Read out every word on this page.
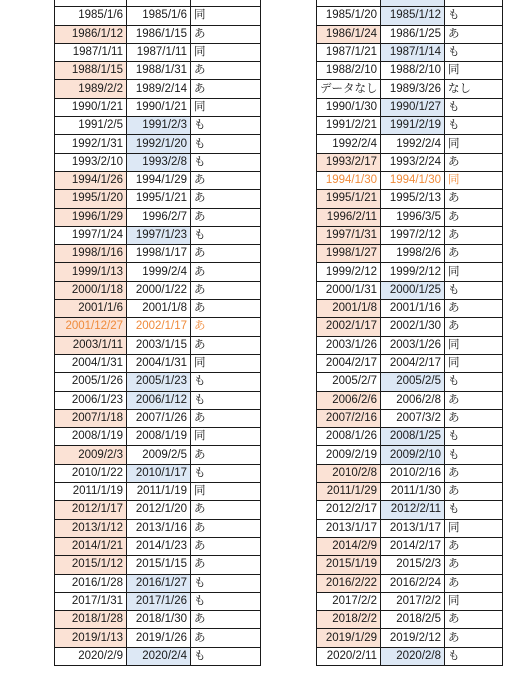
1985/1/6	1985/1/6	同
1986/1/12	1986/1/15	あ
1987/1/11	1987/1/11	同
1988/1/15	1988/1/31	あ
1989/2/2	1989/2/14	あ
1990/1/21	1990/1/21	同
1991/2/5	1991/2/3	も
1992/1/31	1992/1/20	も
1993/2/10	1993/2/8	も
1994/1/26	1994/1/29	あ
1995/1/20	1995/1/21	あ
1996/1/29	1996/2/7	あ
1997/1/24	1997/1/23	も
1998/1/16	1998/1/17	あ
1999/1/13	1999/2/4	あ
2000/1/18	2000/1/22	あ
2001/1/6	2001/1/8	あ
2001/12/27	2002/1/17	あ
2003/1/11	2003/1/15	あ
2004/1/31	2004/1/31	同
2005/1/26	2005/1/23	も
2006/1/23	2006/1/12	も
2007/1/18	2007/1/26	あ
2008/1/19	2008/1/19	同
2009/2/3	2009/2/5	あ
2010/1/22	2010/1/17	も
2011/1/19	2011/1/19	同
2012/1/17	2012/1/20	あ
2013/1/12	2013/1/16	あ
2014/1/21	2014/1/23	あ
2015/1/12	2015/1/15	あ
2016/1/28	2016/1/27	も
2017/1/31	2017/1/26	も
2018/1/28	2018/1/30	あ
2019/1/13	2019/1/26	あ
2020/2/9	2020/2/4	も

1985/1/20	1985/1/12	も
1986/1/24	1986/1/25	あ
1987/1/21	1987/1/14	も
1988/2/10	1988/2/10	同
データなし	1989/3/26	なし
1990/1/30	1990/1/27	も
1991/2/21	1991/2/19	も
1992/2/4	1992/2/4	同
1993/2/17	1993/2/24	あ
1994/1/30	1994/1/30	同
1995/1/21	1995/2/13	あ
1996/2/11	1996/3/5	あ
1997/1/31	1997/2/12	あ
1998/1/27	1998/2/6	あ
1999/2/12	1999/2/12	同
2000/1/31	2000/1/25	も
2001/1/8	2001/1/16	あ
2002/1/17	2002/1/30	あ
2003/1/26	2003/1/26	同
2004/2/17	2004/2/17	同
2005/2/7	2005/2/5	も
2006/2/6	2006/2/8	あ
2007/2/16	2007/3/2	あ
2008/1/26	2008/1/25	も
2009/2/19	2009/2/10	も
2010/2/8	2010/2/16	あ
2011/1/29	2011/1/30	あ
2012/2/17	2012/2/11	も
2013/1/17	2013/1/17	同
2014/2/9	2014/2/17	あ
2015/1/19	2015/2/3	あ
2016/2/22	2016/2/24	あ
2017/2/2	2017/2/2	同
2018/2/2	2018/2/5	あ
2019/1/29	2019/2/12	あ
2020/2/11	2020/2/8	も
